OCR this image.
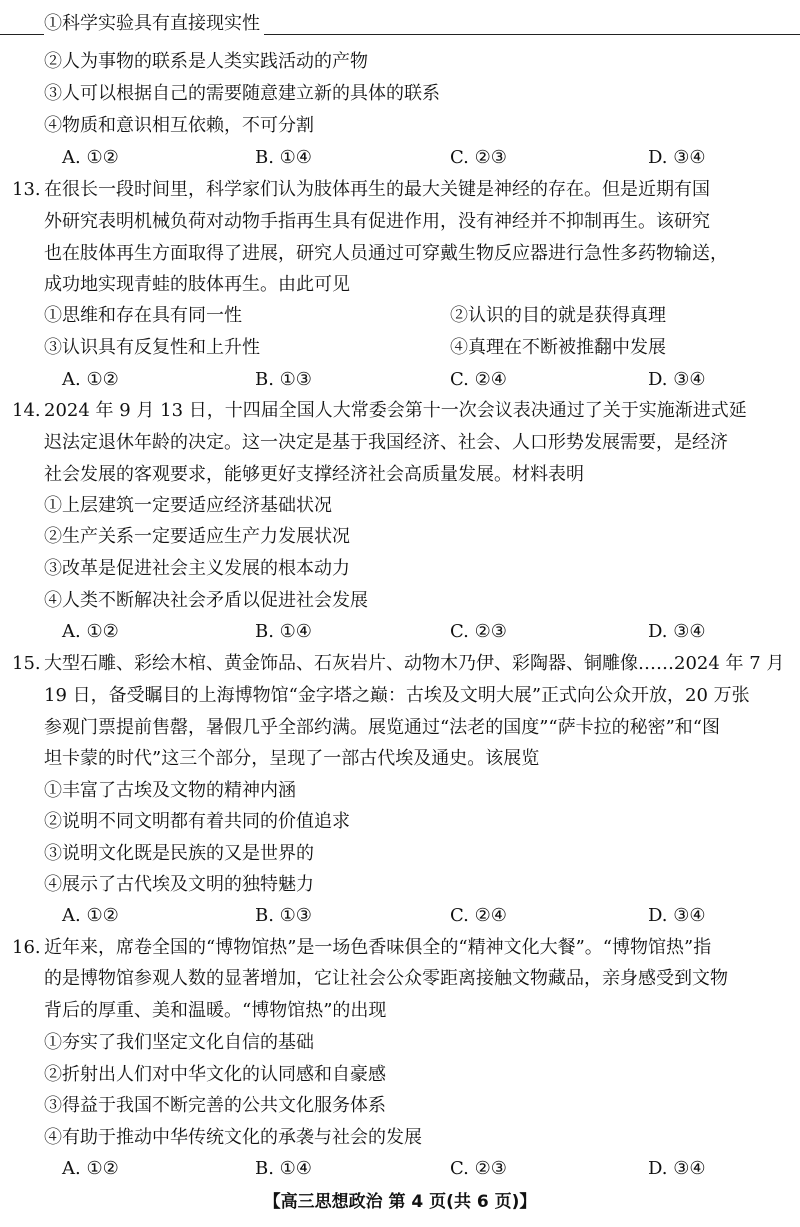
①科学实验具有直接现实性
②人为事物的联系是人类实践活动的产物
③人可以根据自己的需要随意建立新的具体的联系
④物质和意识相互依赖，不可分割
A. ①②	B. ①④	C. ②③	D. ③④
13. 在很长一段时间里，科学家们认为肢体再生的最大关键是神经的存在。但是近期有国
外研究表明机械负荷对动物手指再生具有促进作用，没有神经并不抑制再生。该研究
也在肢体再生方面取得了进展，研究人员通过可穿戴生物反应器进行急性多药物输送，
成功地实现青蛙的肢体再生。由此可见
①思维和存在具有同一性	②认识的目的就是获得真理
③认识具有反复性和上升性	④真理在不断被推翻中发展
A. ①②	B. ①③	C. ②④	D. ③④
14. 2024 年 9 月 13 日，十四届全国人大常委会第十一次会议表决通过了关于实施渐进式延
迟法定退休年龄的决定。这一决定是基于我国经济、社会、人口形势发展需要，是经济
社会发展的客观要求，能够更好支撑经济社会高质量发展。材料表明
①上层建筑一定要适应经济基础状况
②生产关系一定要适应生产力发展状况
③改革是促进社会主义发展的根本动力
④人类不断解决社会矛盾以促进社会发展
A. ①②	B. ①④	C. ②③	D. ③④
15. 大型石雕、彩绘木棺、黄金饰品、石灰岩片、动物木乃伊、彩陶器、铜雕像……2024 年 7 月
19 日，备受瞩目的上海博物馆“金字塔之巅：古埃及文明大展”正式向公众开放，20 万张
参观门票提前售罄，暑假几乎全部约满。展览通过“法老的国度”“萨卡拉的秘密”和“图
坦卡蒙的时代”这三个部分，呈现了一部古代埃及通史。该展览
①丰富了古埃及文物的精神内涵
②说明不同文明都有着共同的价值追求
③说明文化既是民族的又是世界的
④展示了古代埃及文明的独特魅力
A. ①②	B. ①③	C. ②④	D. ③④
16. 近年来，席卷全国的“博物馆热”是一场色香味俱全的“精神文化大餐”。“博物馆热”指
的是博物馆参观人数的显著增加，它让社会公众零距离接触文物藏品，亲身感受到文物
背后的厚重、美和温暖。“博物馆热”的出现
①夯实了我们坚定文化自信的基础
②折射出人们对中华文化的认同感和自豪感
③得益于我国不断完善的公共文化服务体系
④有助于推动中华传统文化的承袭与社会的发展
A. ①②	B. ①④	C. ②③	D. ③④
【高三思想政治 第 4 页(共 6 页)】
